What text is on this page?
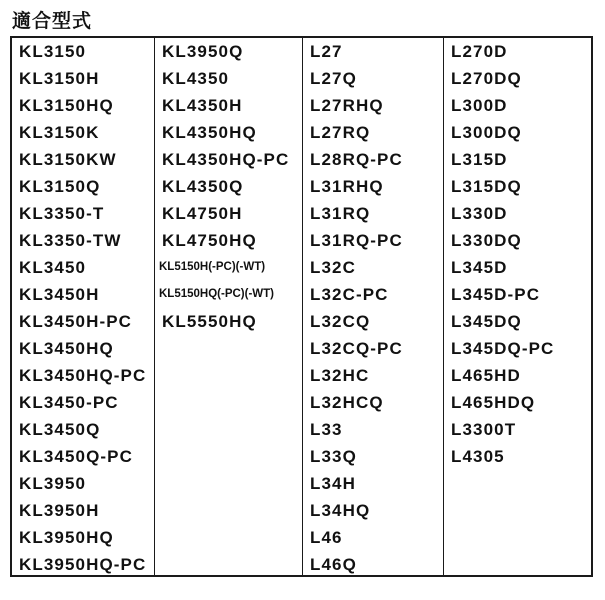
適合型式
KL3150
KL3150H
KL3150HQ
KL3150K
KL3150KW
KL3150Q
KL3350-T
KL3350-TW
KL3450
KL3450H
KL3450H-PC
KL3450HQ
KL3450HQ-PC
KL3450-PC
KL3450Q
KL3450Q-PC
KL3950
KL3950H
KL3950HQ
KL3950HQ-PC
KL3950Q
KL4350
KL4350H
KL4350HQ
KL4350HQ-PC
KL4350Q
KL4750H
KL4750HQ
KL5150H(-PC)(-WT)
KL5150HQ(-PC)(-WT)
KL5550HQ
L27
L27Q
L27RHQ
L27RQ
L28RQ-PC
L31RHQ
L31RQ
L31RQ-PC
L32C
L32C-PC
L32CQ
L32CQ-PC
L32HC
L32HCQ
L33
L33Q
L34H
L34HQ
L46
L46Q
L270D
L270DQ
L300D
L300DQ
L315D
L315DQ
L330D
L330DQ
L345D
L345D-PC
L345DQ
L345DQ-PC
L465HD
L465HDQ
L3300T
L4305
